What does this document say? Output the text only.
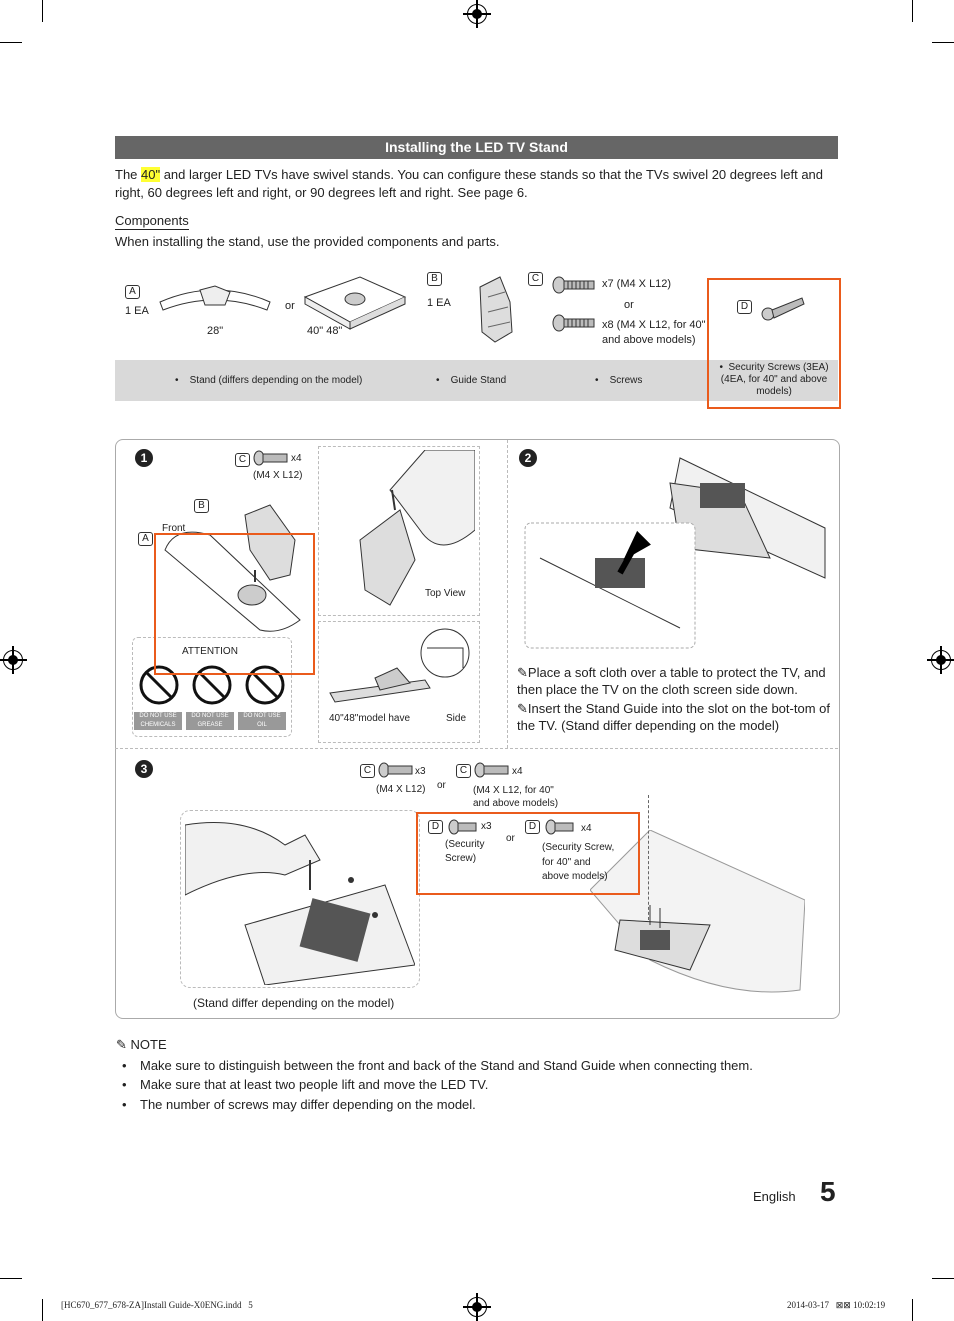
Installing the LED TV Stand
The 40" and larger LED TVs have swivel stands. You can configure these stands so that the TVs swivel 20 degrees left and right, 60 degrees left and right, or 90 degrees left and right. See page 6.
Components
When installing the stand, use the provided components and parts.
A
1 EA
28"
or
40" 48"
B
1 EA
C	x7 (M4 X L12)
or
x8 (M4 X L12, for 40"
and above models)
D
•    Stand (differs depending on the model)	•    Guide Stand	•    Screws
•  Security Screws (3EA)
(4EA, for 40" and above
models)
1	C	x4
(M4 X L12)
B
Front
A
Top View
40"48"model have	Side
ATTENTION
DO NOT USE
CHEMICALS
DO NOT USE
GREASE
DO NOT USE
OIL
2
✎Place a soft cloth over a table to protect the TV, and then place the TV on the cloth screen side down.
✎Insert the Stand Guide into the slot on the bot-tom of the TV. (Stand differ depending on the model)
3	C	x3
(M4 X L12) or
C	x4
(M4 X L12, for 40"
and above models)
D	x3
(Security
Screw)
or
D	x4
(Security Screw,
for 40" and
above models)
(Stand differ depending on the model)
✎ NOTE
• Make sure to distinguish between the front and back of the Stand and Stand Guide when connecting them.
• Make sure that at least two people lift and move the LED TV.
• The number of screws may differ depending on the model.
English 5
[HC670_677_678-ZA]Install Guide-X0ENG.indd   5	2014-03-17   ⊠⊠ 10:02:19
